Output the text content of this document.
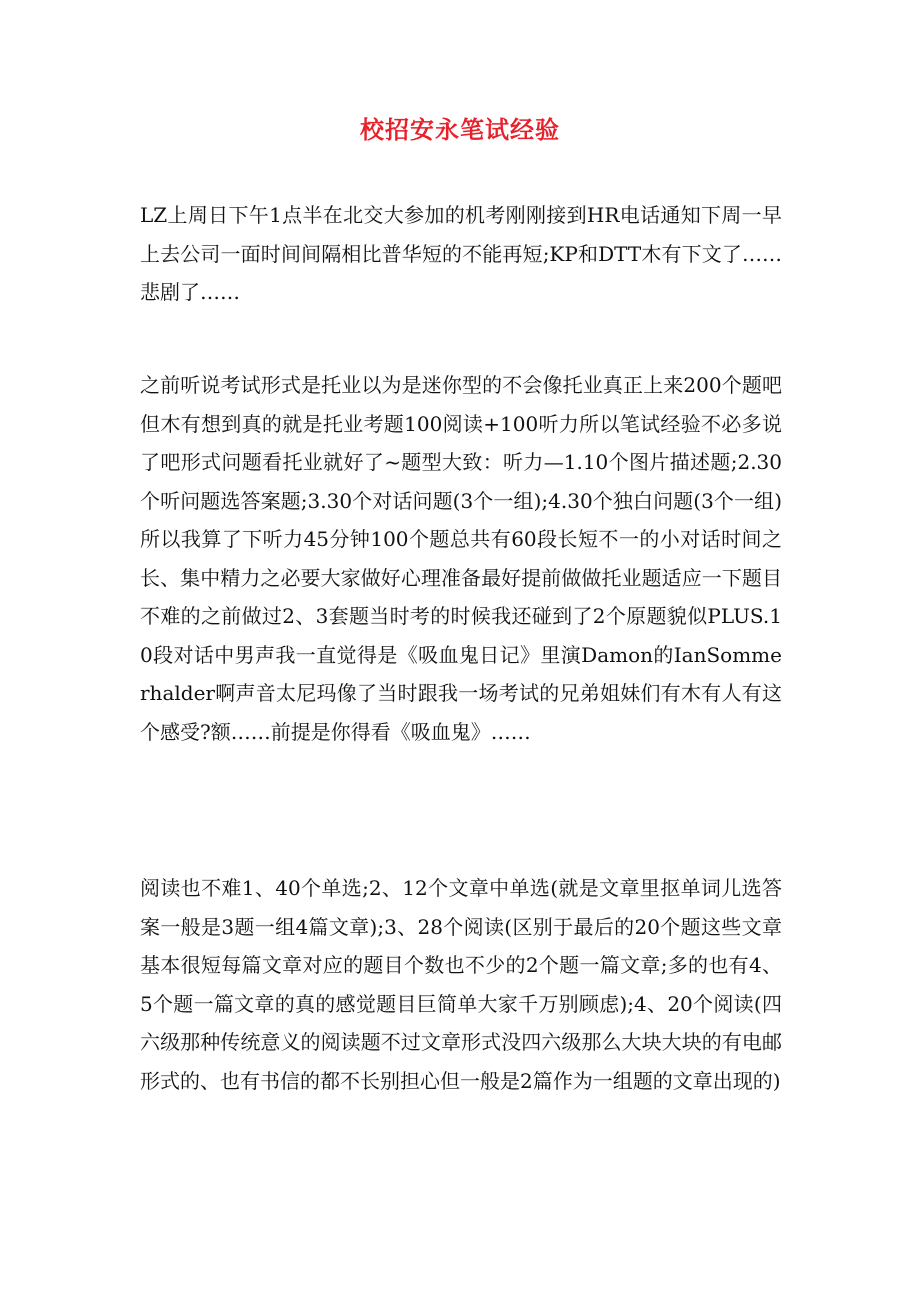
校招安永笔试经验

LZ上周日下午1点半在北交大参加的机考刚刚接到HR电话通知下周一早上去公司一面时间间隔相比普华短的不能再短;KP和DTT木有下文了……悲剧了……

之前听说考试形式是托业以为是迷你型的不会像托业真正上来200个题吧但木有想到真的就是托业考题100阅读+100听力所以笔试经验不必多说了吧形式问题看托业就好了~题型大致：听力—1.10个图片描述题;2.30个听问题选答案题;3.30个对话问题(3个一组);4.30个独白问题(3个一组)所以我算了下听力45分钟100个题总共有60段长短不一的小对话时间之长、集中精力之必要大家做好心理准备最好提前做做托业题适应一下题目不难的之前做过2、3套题当时考的时候我还碰到了2个原题貌似PLUS.10段对话中男声我一直觉得是《吸血鬼日记》里演Damon的IanSommerhalder啊声音太尼玛像了当时跟我一场考试的兄弟姐妹们有木有人有这个感受?额……前提是你得看《吸血鬼》……

阅读也不难1、40个单选;2、12个文章中单选(就是文章里抠单词儿选答案一般是3题一组4篇文章);3、28个阅读(区别于最后的20个题这些文章基本很短每篇文章对应的题目个数也不少的2个题一篇文章;多的也有4、5个题一篇文章的真的感觉题目巨简单大家千万别顾虑);4、20个阅读(四六级那种传统意义的阅读题不过文章形式没四六级那么大块大块的有电邮形式的、也有书信的都不长别担心但一般是2篇作为一组题的文章出现的)
